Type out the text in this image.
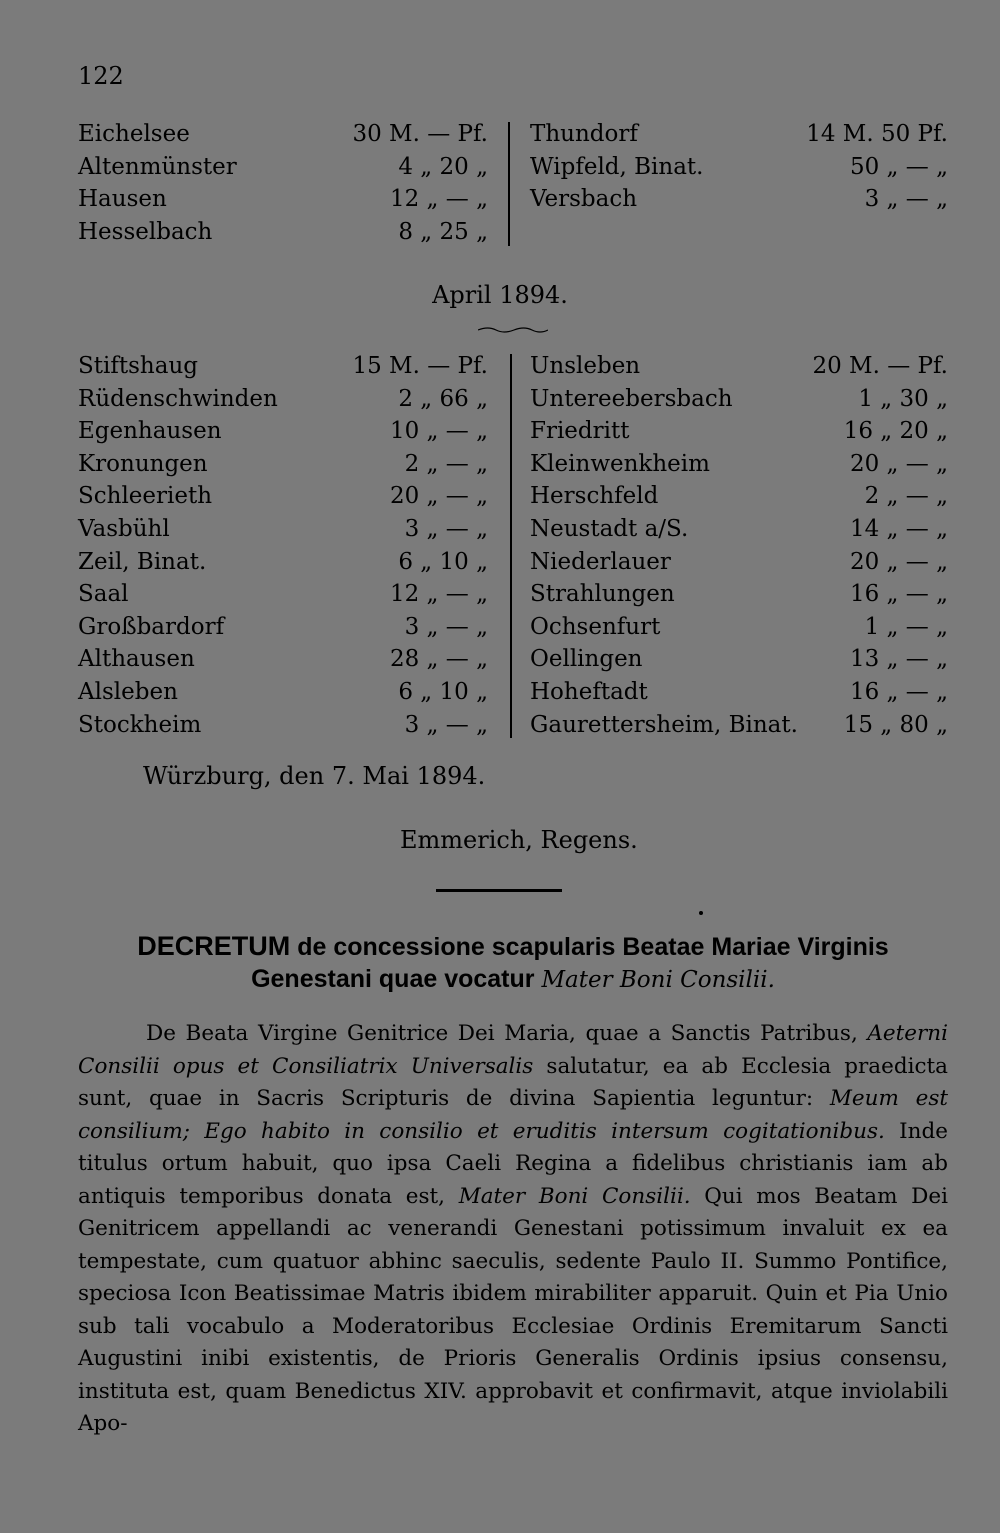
122
Eichelsee	30 M. — Pf.
Altenmünster	4 „ 20 „
Hausen	12 „ — „
Hesselbach	8 „ 25 „
Thundorf	14 M. 50 Pf.
Wipfeld, Binat.	50 „ — „
Versbach	3 „ — „
April 1894.
Stiftshaug	15 M. — Pf.
Rüdenschwinden	2 „ 66 „
Egenhausen	10 „ — „
Kronungen	2 „ — „
Schleerieth	20 „ — „
Vasbühl	3 „ — „
Zeil, Binat.	6 „ 10 „
Saal	12 „ — „
Großbardorf	3 „ — „
Althausen	28 „ — „
Alsleben	6 „ 10 „
Stockheim	3 „ — „
Unsleben	20 M. — Pf.
Untereebersbach	1 „ 30 „
Friedritt	16 „ 20 „
Kleinwenkheim	20 „ — „
Herschfeld	2 „ — „
Neustadt a/S.	14 „ — „
Niederlauer	20 „ — „
Strahlungen	16 „ — „
Ochsenfurt	1 „ — „
Oellingen	13 „ — „
Hoheftadt	16 „ — „
Gaurettersheim, Binat. 15 „ 80 „
Würzburg, den 7. Mai 1894.
Emmerich, Regens.
DECRETUM de concessione scapularis Beatae Mariae Virginis Genestani quae vocatur Mater Boni Consilii.
De Beata Virgine Genitrice Dei Maria, quae a Sanctis Patribus, Aeterni Consilii opus et Consiliatrix Universalis salutatur, ea ab Ecclesia praedicta sunt, quae in Sacris Scripturis de divina Sapientia leguntur: Meum est consilium; Ego habito in consilio et eruditis intersum cogitationibus. Inde titulus ortum habuit, quo ipsa Caeli Regina a fidelibus christianis iam ab antiquis temporibus donata est, Mater Boni Consilii. Qui mos Beatam Dei Genitricem appellandi ac venerandi Genestani potissimum invaluit ex ea tempestate, cum quatuor abhinc saeculis, sedente Paulo II. Summo Pontifice, speciosa Icon Beatissimae Matris ibidem mirabiliter apparuit. Quin et Pia Unio sub tali vocabulo a Moderatoribus Ecclesiae Ordinis Eremitarum Sancti Augustini inibi existentis, de Prioris Generalis Ordinis ipsius consensu, instituta est, quam Benedictus XIV. approbavit et confirmavit, atque inviolabili Apo-
